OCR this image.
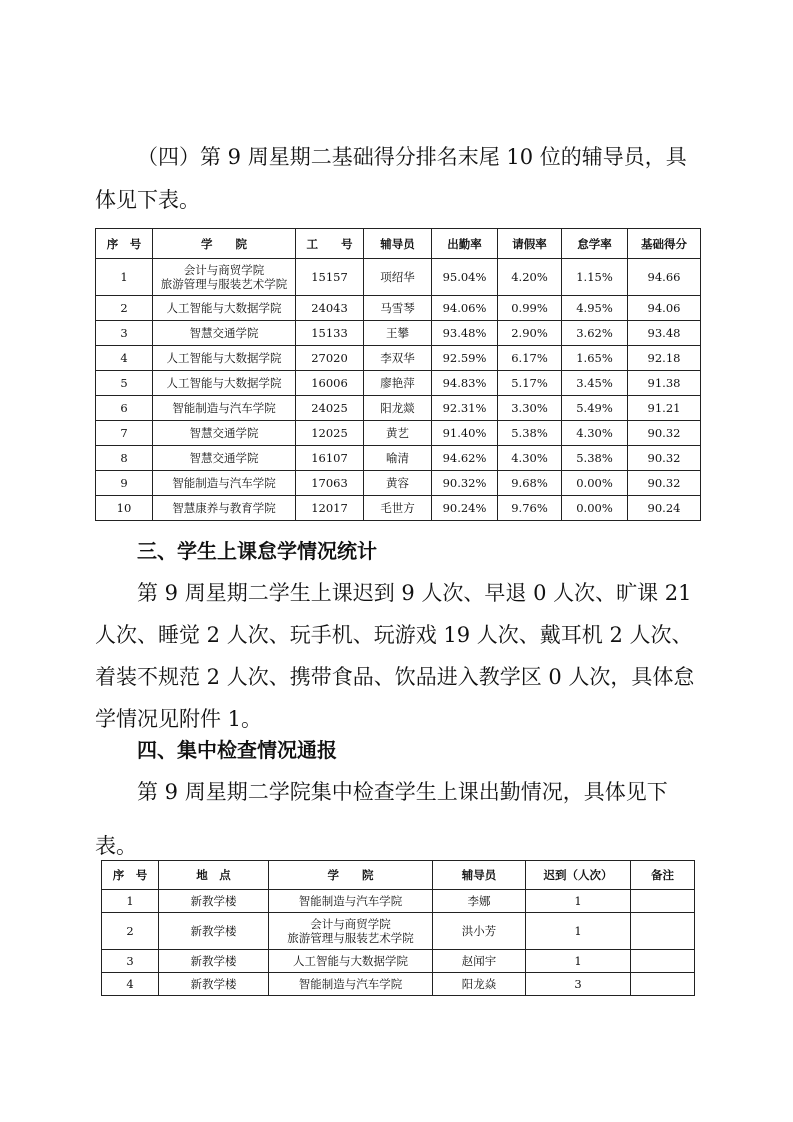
（四）第 9 周星期二基础得分排名末尾 10 位的辅导员，具体见下表。

序　号	学　　院	工　　号	辅导员	出勤率	请假率	怠学率	基础得分
1	会计与商贸学院
旅游管理与服装艺术学院	15157	项绍华	95.04%	4.20%	1.15%	94.66
2	人工智能与大数据学院	24043	马雪琴	94.06%	0.99%	4.95%	94.06
3	智慧交通学院	15133	王攀	93.48%	2.90%	3.62%	93.48
4	人工智能与大数据学院	27020	李双华	92.59%	6.17%	1.65%	92.18
5	人工智能与大数据学院	16006	廖艳萍	94.83%	5.17%	3.45%	91.38
6	智能制造与汽车学院	24025	阳龙燚	92.31%	3.30%	5.49%	91.21
7	智慧交通学院	12025	黄艺	91.40%	5.38%	4.30%	90.32
8	智慧交通学院	16107	喻清	94.62%	4.30%	5.38%	90.32
9	智能制造与汽车学院	17063	黄容	90.32%	9.68%	0.00%	90.32
10	智慧康养与教育学院	12017	毛世方	90.24%	9.76%	0.00%	90.24
三、学生上课怠学情况统计

第 9 周星期二学生上课迟到 9 人次、早退 0 人次、旷课 21 人次、睡觉 2 人次、玩手机、玩游戏 19 人次、戴耳机 2 人次、着装不规范 2 人次、携带食品、饮品进入教学区 0 人次，具体怠学情况见附件 1。

四、集中检查情况通报

第 9 周星期二学院集中检查学生上课出勤情况，具体见下
表。

序　号	地　点	学　　院	辅导员	迟到（人次）	备注
1	新教学楼	智能制造与汽车学院	李娜	1	
2	新教学楼	会计与商贸学院
旅游管理与服装艺术学院	洪小芳	1	
3	新教学楼	人工智能与大数据学院	赵闻宇	1	
4	新教学楼	智能制造与汽车学院	阳龙焱	3	
